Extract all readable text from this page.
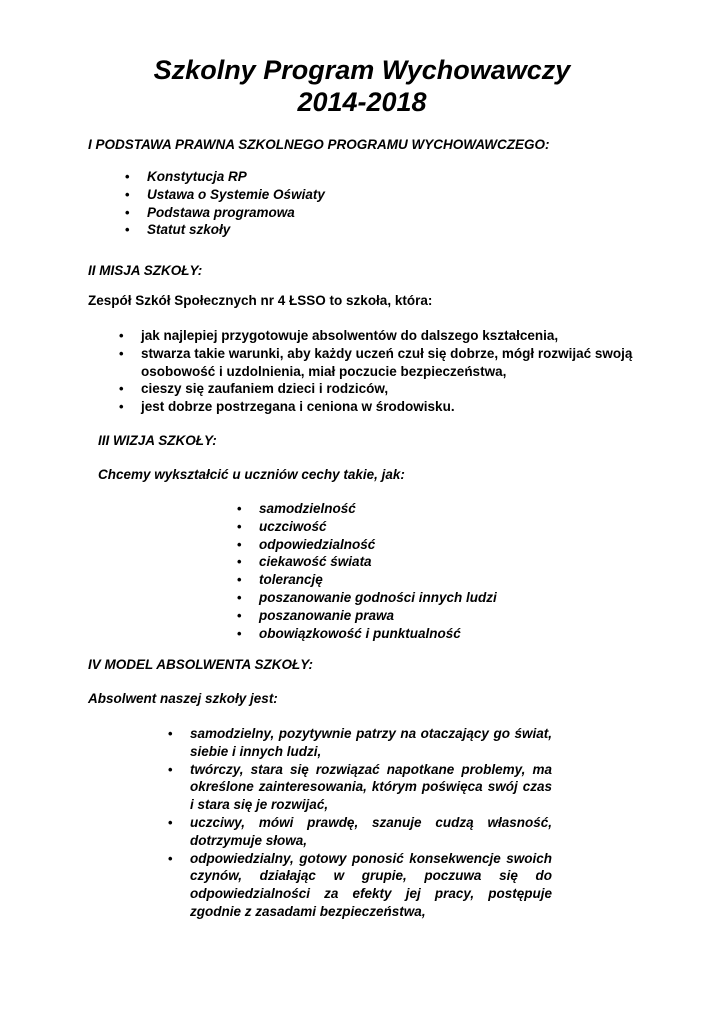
Szkolny Program Wychowawczy
2014-2018
I PODSTAWA PRAWNA SZKOLNEGO PROGRAMU WYCHOWAWCZEGO:
• Konstytucja RP
• Ustawa o Systemie Oświaty
• Podstawa programowa
• Statut szkoły
II MISJA SZKOŁY:
Zespół Szkół Społecznych nr 4 ŁSSO to szkoła, która:
• jak najlepiej przygotowuje absolwentów do dalszego kształcenia,
• stwarza takie warunki, aby każdy uczeń czuł się dobrze, mógł rozwijać swoją osobowość i uzdolnienia, miał poczucie bezpieczeństwa,
• cieszy się zaufaniem dzieci i rodziców,
• jest dobrze postrzegana i ceniona w środowisku.
III WIZJA SZKOŁY:
Chcemy wykształcić u uczniów cechy takie, jak:
• samodzielność
• uczciwość
• odpowiedzialność
• ciekawość świata
• tolerancję
• poszanowanie godności innych ludzi
• poszanowanie prawa
• obowiązkowość i punktualność
IV MODEL ABSOLWENTA SZKOŁY:
Absolwent naszej szkoły jest:
• samodzielny, pozytywnie patrzy na otaczający go świat, siebie i innych ludzi,
• twórczy, stara się rozwiązać napotkane problemy, ma określone zainteresowania, którym poświęca swój czas i stara się je rozwijać,
• uczciwy, mówi prawdę, szanuje cudzą własność, dotrzymuje słowa,
• odpowiedzialny, gotowy ponosić konsekwencje swoich czynów, działając w grupie, poczuwa się do odpowiedzialności za efekty jej pracy, postępuje zgodnie z zasadami bezpieczeństwa,
